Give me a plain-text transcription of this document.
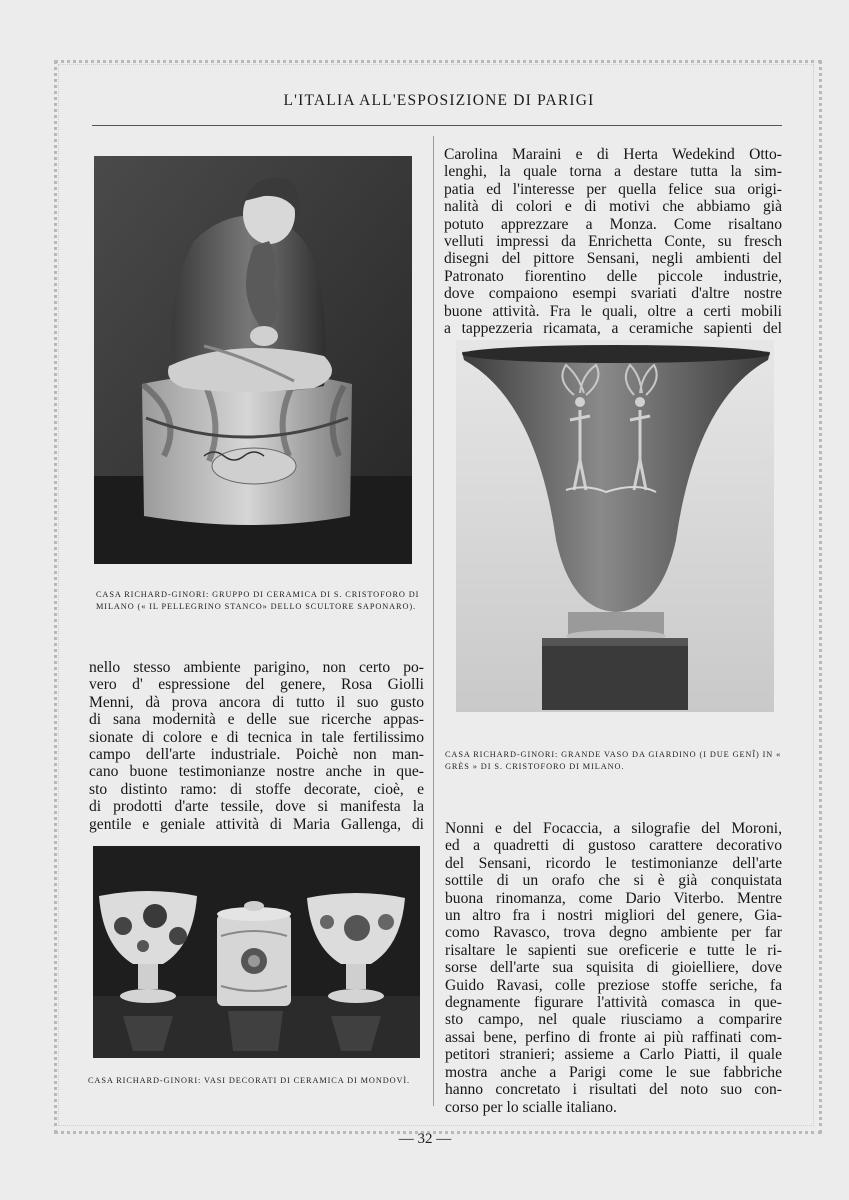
L'ITALIA ALL'ESPOSIZIONE DI PARIGI
CASA RICHARD-GINORI: GRUPPO DI CERAMICA DI S. CRISTOFORO DI MILANO (« IL PELLEGRINO STANCO» DELLO SCULTORE SAPONARO).
Carolina Maraini e di Herta Wedekind Otto-
lenghi, la quale torna a destare tutta la sim-
patia ed l'interesse per quella felice sua origi-
nalità di colori e di motivi che abbiamo già
potuto apprezzare a Monza. Come risaltano
velluti impressi da Enrichetta Conte, su fresch
disegni del pittore Sensani, negli ambienti del
Patronato fiorentino delle piccole industrie,
dove compaiono esempi svariati d'altre nostre
buone attività. Fra le quali, oltre a certi mobili
a tappezzeria ricamata, a ceramiche sapienti del
CASA RICHARD-GINORI: GRANDE VASO DA GIARDINO (I DUE GENÎ) IN « GRÈS » DI S. CRISTOFORO DI MILANO.
nello stesso ambiente parigino, non certo po-
vero d' espressione del genere, Rosa Giolli
Menni, dà prova ancora di tutto il suo gusto
di sana modernità e delle sue ricerche appas-
sionate di colore e di tecnica in tale fertilissimo
campo dell'arte industriale. Poichè non man-
cano buone testimonianze nostre anche in que-
sto distinto ramo: di stoffe decorate, cioè, e
di prodotti d'arte tessile, dove si manifesta la
gentile e geniale attività di Maria Gallenga, di
CASA RICHARD-GINORI: VASI DECORATI DI CERAMICA DI MONDOVÌ.
Nonni e del Focaccia, a silografie del Moroni,
ed a quadretti di gustoso carattere decorativo
del Sensani, ricordo le testimonianze dell'arte
sottile di un orafo che si è già conquistata
buona rinomanza, come Dario Viterbo. Mentre
un altro fra i nostri migliori del genere, Gia-
como Ravasco, trova degno ambiente per far
risaltare le sapienti sue oreficerie e tutte le ri-
sorse dell'arte sua squisita di gioielliere, dove
Guido Ravasi, colle preziose stoffe seriche, fa
degnamente figurare l'attività comasca in que-
sto campo, nel quale riusciamo a comparire
assai bene, perfino di fronte ai più raffinati com-
petitori stranieri; assieme a Carlo Piatti, il quale
mostra anche a Parigi come le sue fabbriche
hanno concretato i risultati del noto suo con-
corso per lo scialle italiano.
— 32 —
